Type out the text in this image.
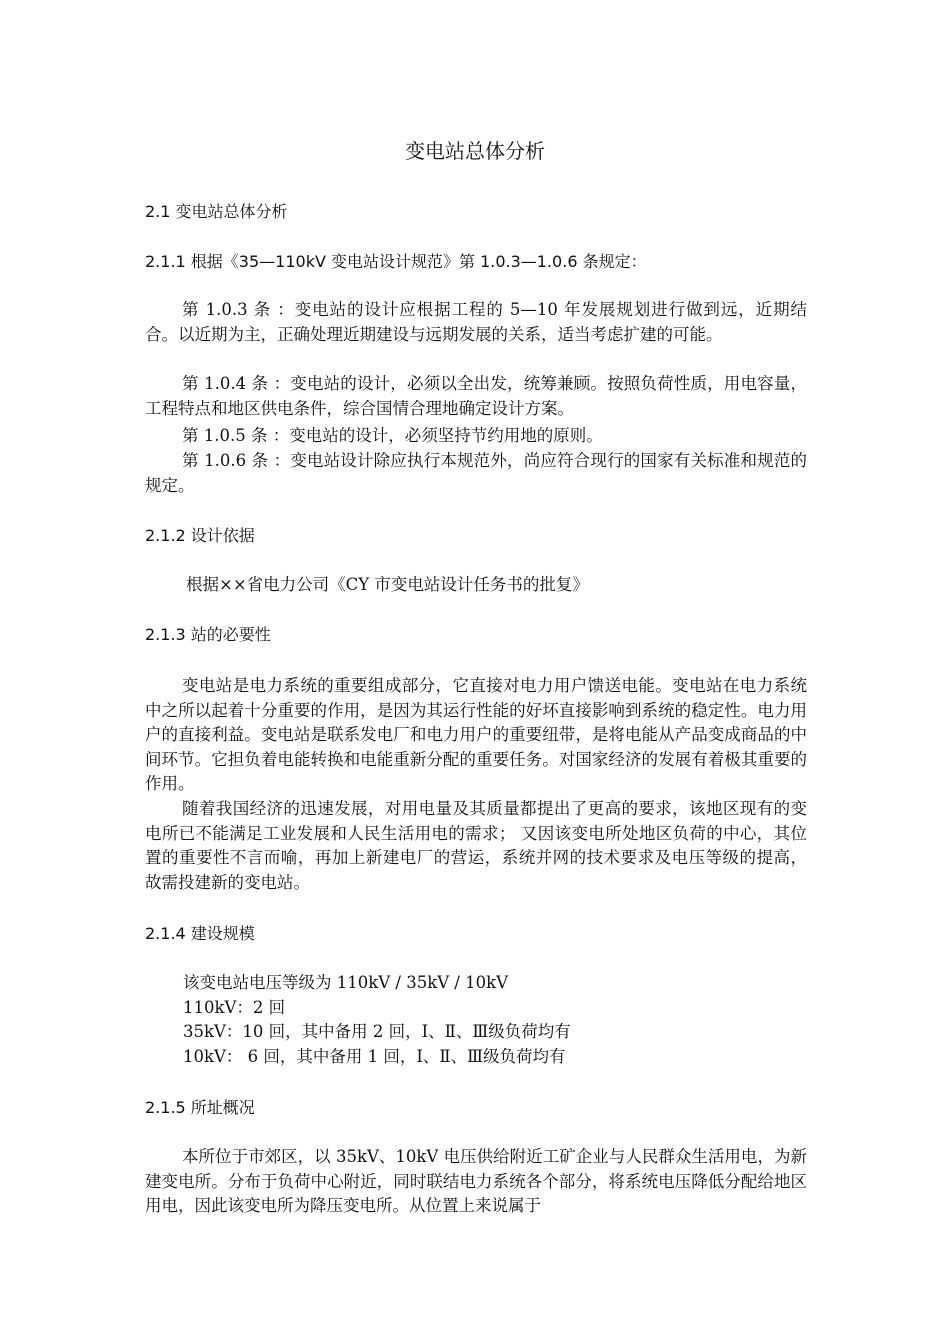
变电站总体分析
2.1 变电站总体分析
2.1.1 根据《35—110kV 变电站设计规范》第 1.0.3—1.0.6 条规定：
第 1.0.3 条 ：变电站的设计应根据工程的 5—10 年发展规划进行做到远，近期结合。以近期为主，正确处理近期建设与远期发展的关系，适当考虑扩建的可能。
第 1.0.4 条 ：变电站的设计，必须以全出发，统筹兼顾。按照负荷性质，用电容量，工程特点和地区供电条件，综合国情合理地确定设计方案。
第 1.0.5 条 ：变电站的设计，必须坚持节约用地的原则。
第 1.0.6 条 ：变电站设计除应执行本规范外，尚应符合现行的国家有关标准和规范的规定。
2.1.2 设计依据
根据××省电力公司《CY 市变电站设计任务书的批复》
2.1.3 站的必要性
变电站是电力系统的重要组成部分，它直接对电力用户馈送电能。变电站在电力系统中之所以起着十分重要的作用，是因为其运行性能的好坏直接影响到系统的稳定性。电力用户的直接利益。变电站是联系发电厂和电力用户的重要纽带，是将电能从产品变成商品的中间环节。它担负着电能转换和电能重新分配的重要任务。对国家经济的发展有着极其重要的作用。
随着我国经济的迅速发展，对用电量及其质量都提出了更高的要求，该地区现有的变电所已不能满足工业发展和人民生活用电的需求； 又因该变电所处地区负荷的中心，其位置的重要性不言而喻，再加上新建电厂的营运，系统并网的技术要求及电压等级的提高， 故需投建新的变电站。
2.1.4 建设规模
该变电站电压等级为 110kV / 35kV / 10kV
110kV：2 回
35kV：10 回，其中备用 2 回，Ⅰ、Ⅱ、Ⅲ级负荷均有
10kV： 6 回，其中备用 1 回，Ⅰ、Ⅱ、Ⅲ级负荷均有
2.1.5 所址概况
本所位于市郊区，以 35kV、10kV 电压供给附近工矿企业与人民群众生活用电，为新建变电所。分布于负荷中心附近，同时联结电力系统各个部分，将系统电压降低分配给地区用电，因此该变电所为降压变电所。从位置上来说属于
